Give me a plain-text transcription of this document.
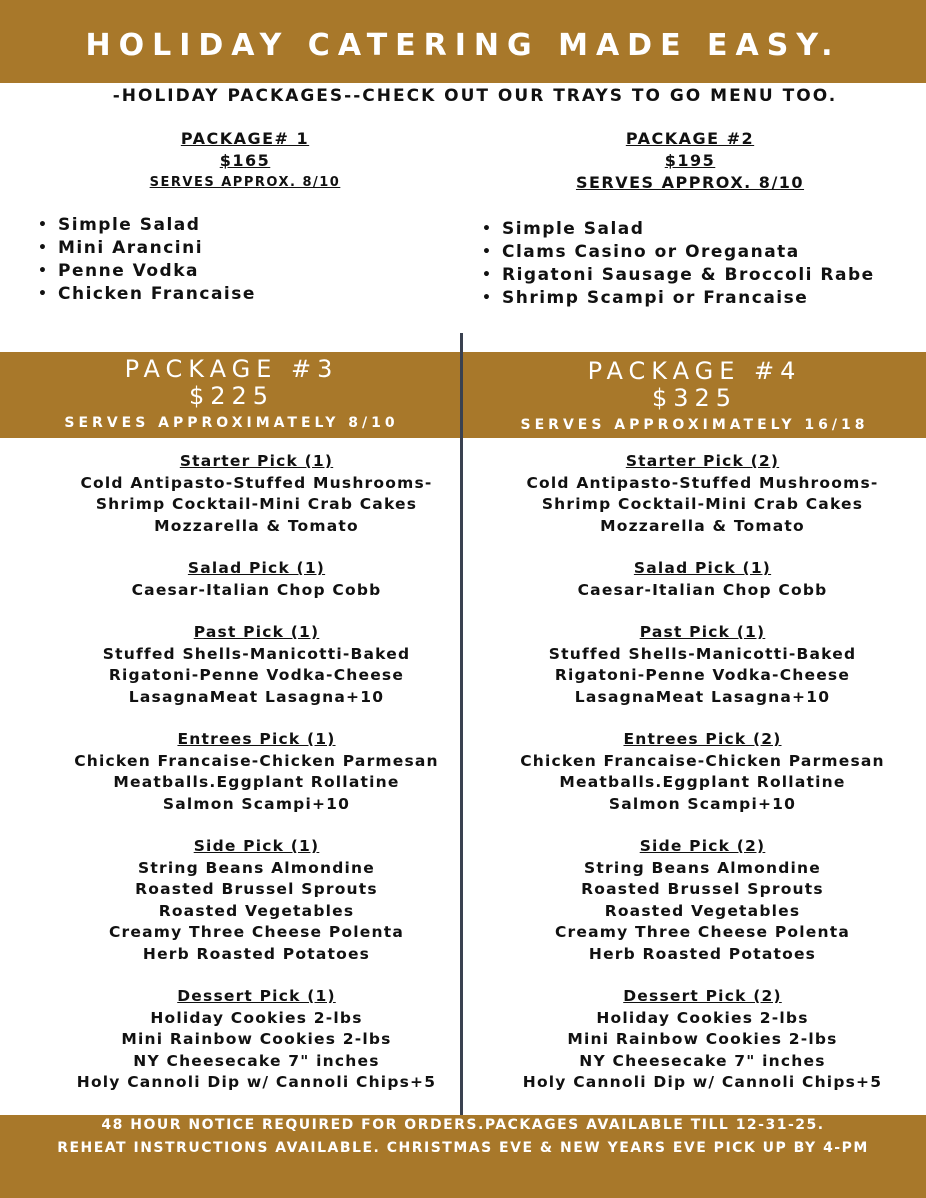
HOLIDAY CATERING MADE EASY.
-HOLIDAY PACKAGES--CHECK OUT OUR TRAYS TO GO MENU TOO.
PACKAGE# 1
$165
SERVES APPROX. 8/10
• Simple Salad
• Mini Arancini
• Penne Vodka
• Chicken Francaise
PACKAGE #2
$195
SERVES APPROX. 8/10
• Simple Salad
• Clams Casino or Oreganata
• Rigatoni Sausage & Broccoli Rabe
• Shrimp Scampi or Francaise
PACKAGE #3
$225
SERVES APPROXIMATELY 8/10
PACKAGE #4
$325
SERVES APPROXIMATELY 16/18
Starter Pick (1)
Cold Antipasto-Stuffed Mushrooms-
Shrimp Cocktail-Mini Crab Cakes
Mozzarella & Tomato
Salad Pick (1)
Caesar-Italian Chop Cobb
Past Pick (1)
Stuffed Shells-Manicotti-Baked
Rigatoni-Penne Vodka-Cheese
LasagnaMeat Lasagna+10
Entrees Pick (1)
Chicken Francaise-Chicken Parmesan
Meatballs.Eggplant Rollatine
Salmon Scampi+10
Side Pick (1)
String Beans Almondine
Roasted Brussel Sprouts
Roasted Vegetables
Creamy Three Cheese Polenta
Herb Roasted Potatoes
Dessert Pick (1)
Holiday Cookies 2-lbs
Mini Rainbow Cookies 2-lbs
NY Cheesecake 7" inches
Holy Cannoli Dip w/ Cannoli Chips+5
Starter Pick (2)
Cold Antipasto-Stuffed Mushrooms-
Shrimp Cocktail-Mini Crab Cakes
Mozzarella & Tomato
Salad Pick (1)
Caesar-Italian Chop Cobb
Past Pick (1)
Stuffed Shells-Manicotti-Baked
Rigatoni-Penne Vodka-Cheese
LasagnaMeat Lasagna+10
Entrees Pick (2)
Chicken Francaise-Chicken Parmesan
Meatballs.Eggplant Rollatine
Salmon Scampi+10
Side Pick (2)
String Beans Almondine
Roasted Brussel Sprouts
Roasted Vegetables
Creamy Three Cheese Polenta
Herb Roasted Potatoes
Dessert Pick (2)
Holiday Cookies 2-lbs
Mini Rainbow Cookies 2-lbs
NY Cheesecake 7" inches
Holy Cannoli Dip w/ Cannoli Chips+5
48 HOUR NOTICE REQUIRED FOR ORDERS.PACKAGES AVAILABLE TILL 12-31-25.
REHEAT INSTRUCTIONS AVAILABLE. CHRISTMAS EVE & NEW YEARS EVE PICK UP BY 4-PM
